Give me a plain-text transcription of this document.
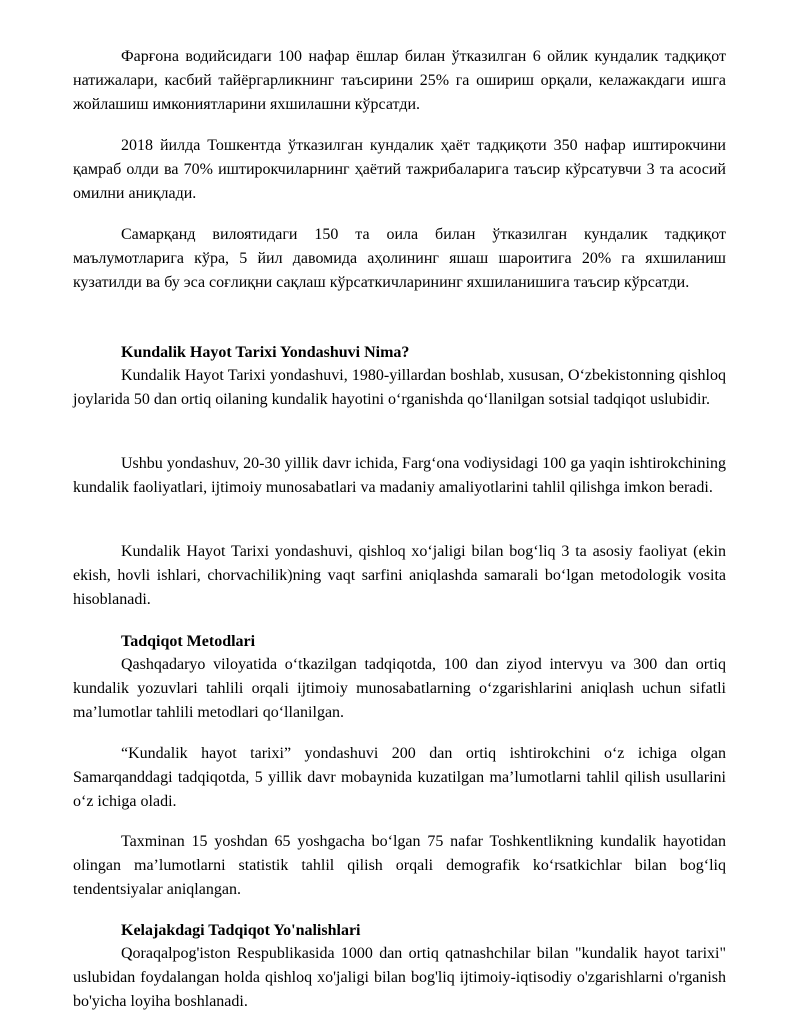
Фарғона водийсидаги 100 нафар ёшлар билан ўтказилган 6 ойлик кундалик тадқиқот натижалари, касбий тайёргарликнинг таъсирини 25% га ошириш орқали, келажакдаги ишга жойлашиш имкониятларини яхшилашни кўрсатди.

2018 йилда Тошкентда ўтказилган кундалик ҳаёт тадқиқоти 350 нафар иштирокчини қамраб олди ва 70% иштирокчиларнинг ҳаётий тажрибаларига таъсир кўрсатувчи 3 та асосий омилни аниқлади.

Самарқанд вилоятидаги 150 та оила билан ўтказилган кундалик тадқиқот маълумотларига кўра, 5 йил давомида аҳолининг яшаш шароитига 20% га яхшиланиш кузатилди ва бу эса соғлиқни сақлаш кўрсаткичларининг яхшиланишига таъсир кўрсатди.

Kundalik Hayot Tarixi Yondashuvi Nima?

Kundalik Hayot Tarixi yondashuvi, 1980-yillardan boshlab, xususan, O‘zbekistonning qishloq joylarida 50 dan ortiq oilaning kundalik hayotini o‘rganishda qo‘llanilgan sotsial tadqiqot uslubidir.

Ushbu yondashuv, 20-30 yillik davr ichida, Farg‘ona vodiysidagi 100 ga yaqin ishtirokchining kundalik faoliyatlari, ijtimoiy munosabatlari va madaniy amaliyotlarini tahlil qilishga imkon beradi.

Kundalik Hayot Tarixi yondashuvi, qishloq xo‘jaligi bilan bog‘liq 3 ta asosiy faoliyat (ekin ekish, hovli ishlari, chorvachilik)ning vaqt sarfini aniqlashda samarali bo‘lgan metodologik vosita hisoblanadi.

Tadqiqot Metodlari

Qashqadaryo viloyatida o‘tkazilgan tadqiqotda, 100 dan ziyod intervyu va 300 dan ortiq kundalik yozuvlari tahlili orqali ijtimoiy munosabatlarning o‘zgarishlarini aniqlash uchun sifatli ma’lumotlar tahlili metodlari qo‘llanilgan.

“Kundalik hayot tarixi” yondashuvi 200 dan ortiq ishtirokchini o‘z ichiga olgan Samarqanddagi tadqiqotda, 5 yillik davr mobaynida kuzatilgan ma’lumotlarni tahlil qilish usullarini o‘z ichiga oladi.

Taxminan 15 yoshdan 65 yoshgacha bo‘lgan 75 nafar Toshkentlikning kundalik hayotidan olingan ma’lumotlarni statistik tahlil qilish orqali demografik ko‘rsatkichlar bilan bog‘liq tendentsiyalar aniqlangan.

Kelajakdagi Tadqiqot Yo'nalishlari

Qoraqalpog'iston Respublikasida 1000 dan ortiq qatnashchilar bilan "kundalik hayot tarixi" uslubidan foydalangan holda qishloq xo'jaligi bilan bog'liq ijtimoiy-iqtisodiy o'zgarishlarni o'rganish bo'yicha loyiha boshlanadi.
